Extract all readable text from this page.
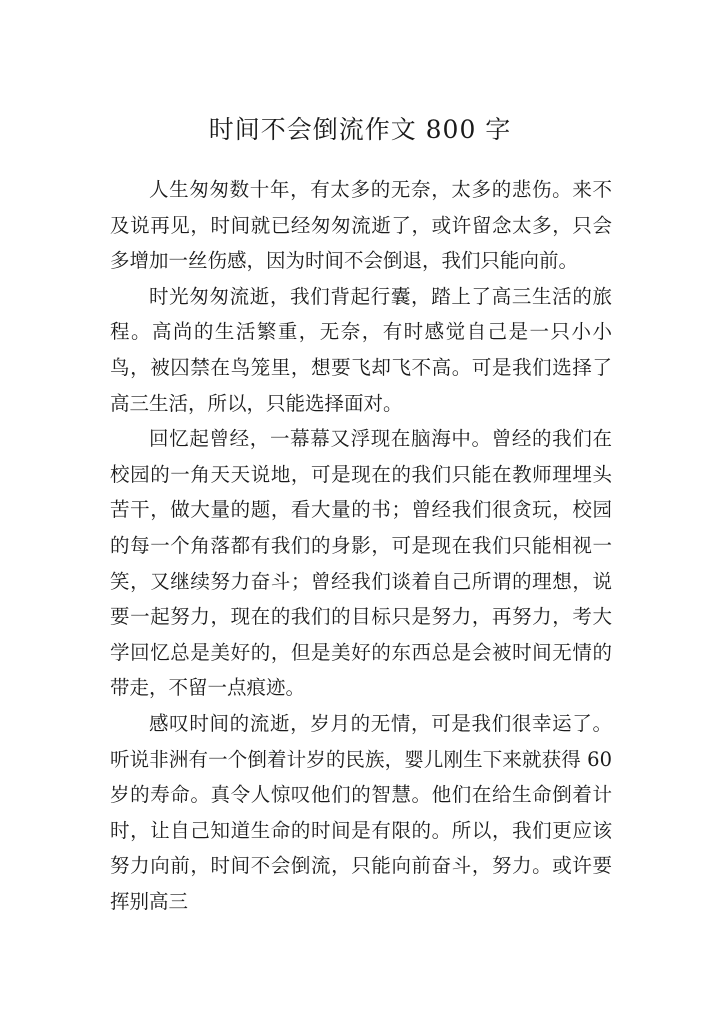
时间不会倒流作文 800 字

人生匆匆数十年，有太多的无奈，太多的悲伤。来不及说再见，时间就已经匆匆流逝了，或许留念太多，只会多增加一丝伤感，因为时间不会倒退，我们只能向前。

时光匆匆流逝，我们背起行囊，踏上了高三生活的旅程。高尚的生活繁重，无奈，有时感觉自己是一只小小鸟，被囚禁在鸟笼里，想要飞却飞不高。可是我们选择了高三生活，所以，只能选择面对。

回忆起曾经，一幕幕又浮现在脑海中。曾经的我们在校园的一角天天说地，可是现在的我们只能在教师理埋头苦干，做大量的题，看大量的书；曾经我们很贪玩，校园的每一个角落都有我们的身影，可是现在我们只能相视一笑，又继续努力奋斗；曾经我们谈着自己所谓的理想，说要一起努力，现在的我们的目标只是努力，再努力，考大学回忆总是美好的，但是美好的东西总是会被时间无情的带走，不留一点痕迹。

感叹时间的流逝，岁月的无情，可是我们很幸运了。听说非洲有一个倒着计岁的民族，婴儿刚生下来就获得 60 岁的寿命。真令人惊叹他们的智慧。他们在给生命倒着计时，让自己知道生命的时间是有限的。所以，我们更应该努力向前，时间不会倒流，只能向前奋斗，努力。或许要挥别高三
